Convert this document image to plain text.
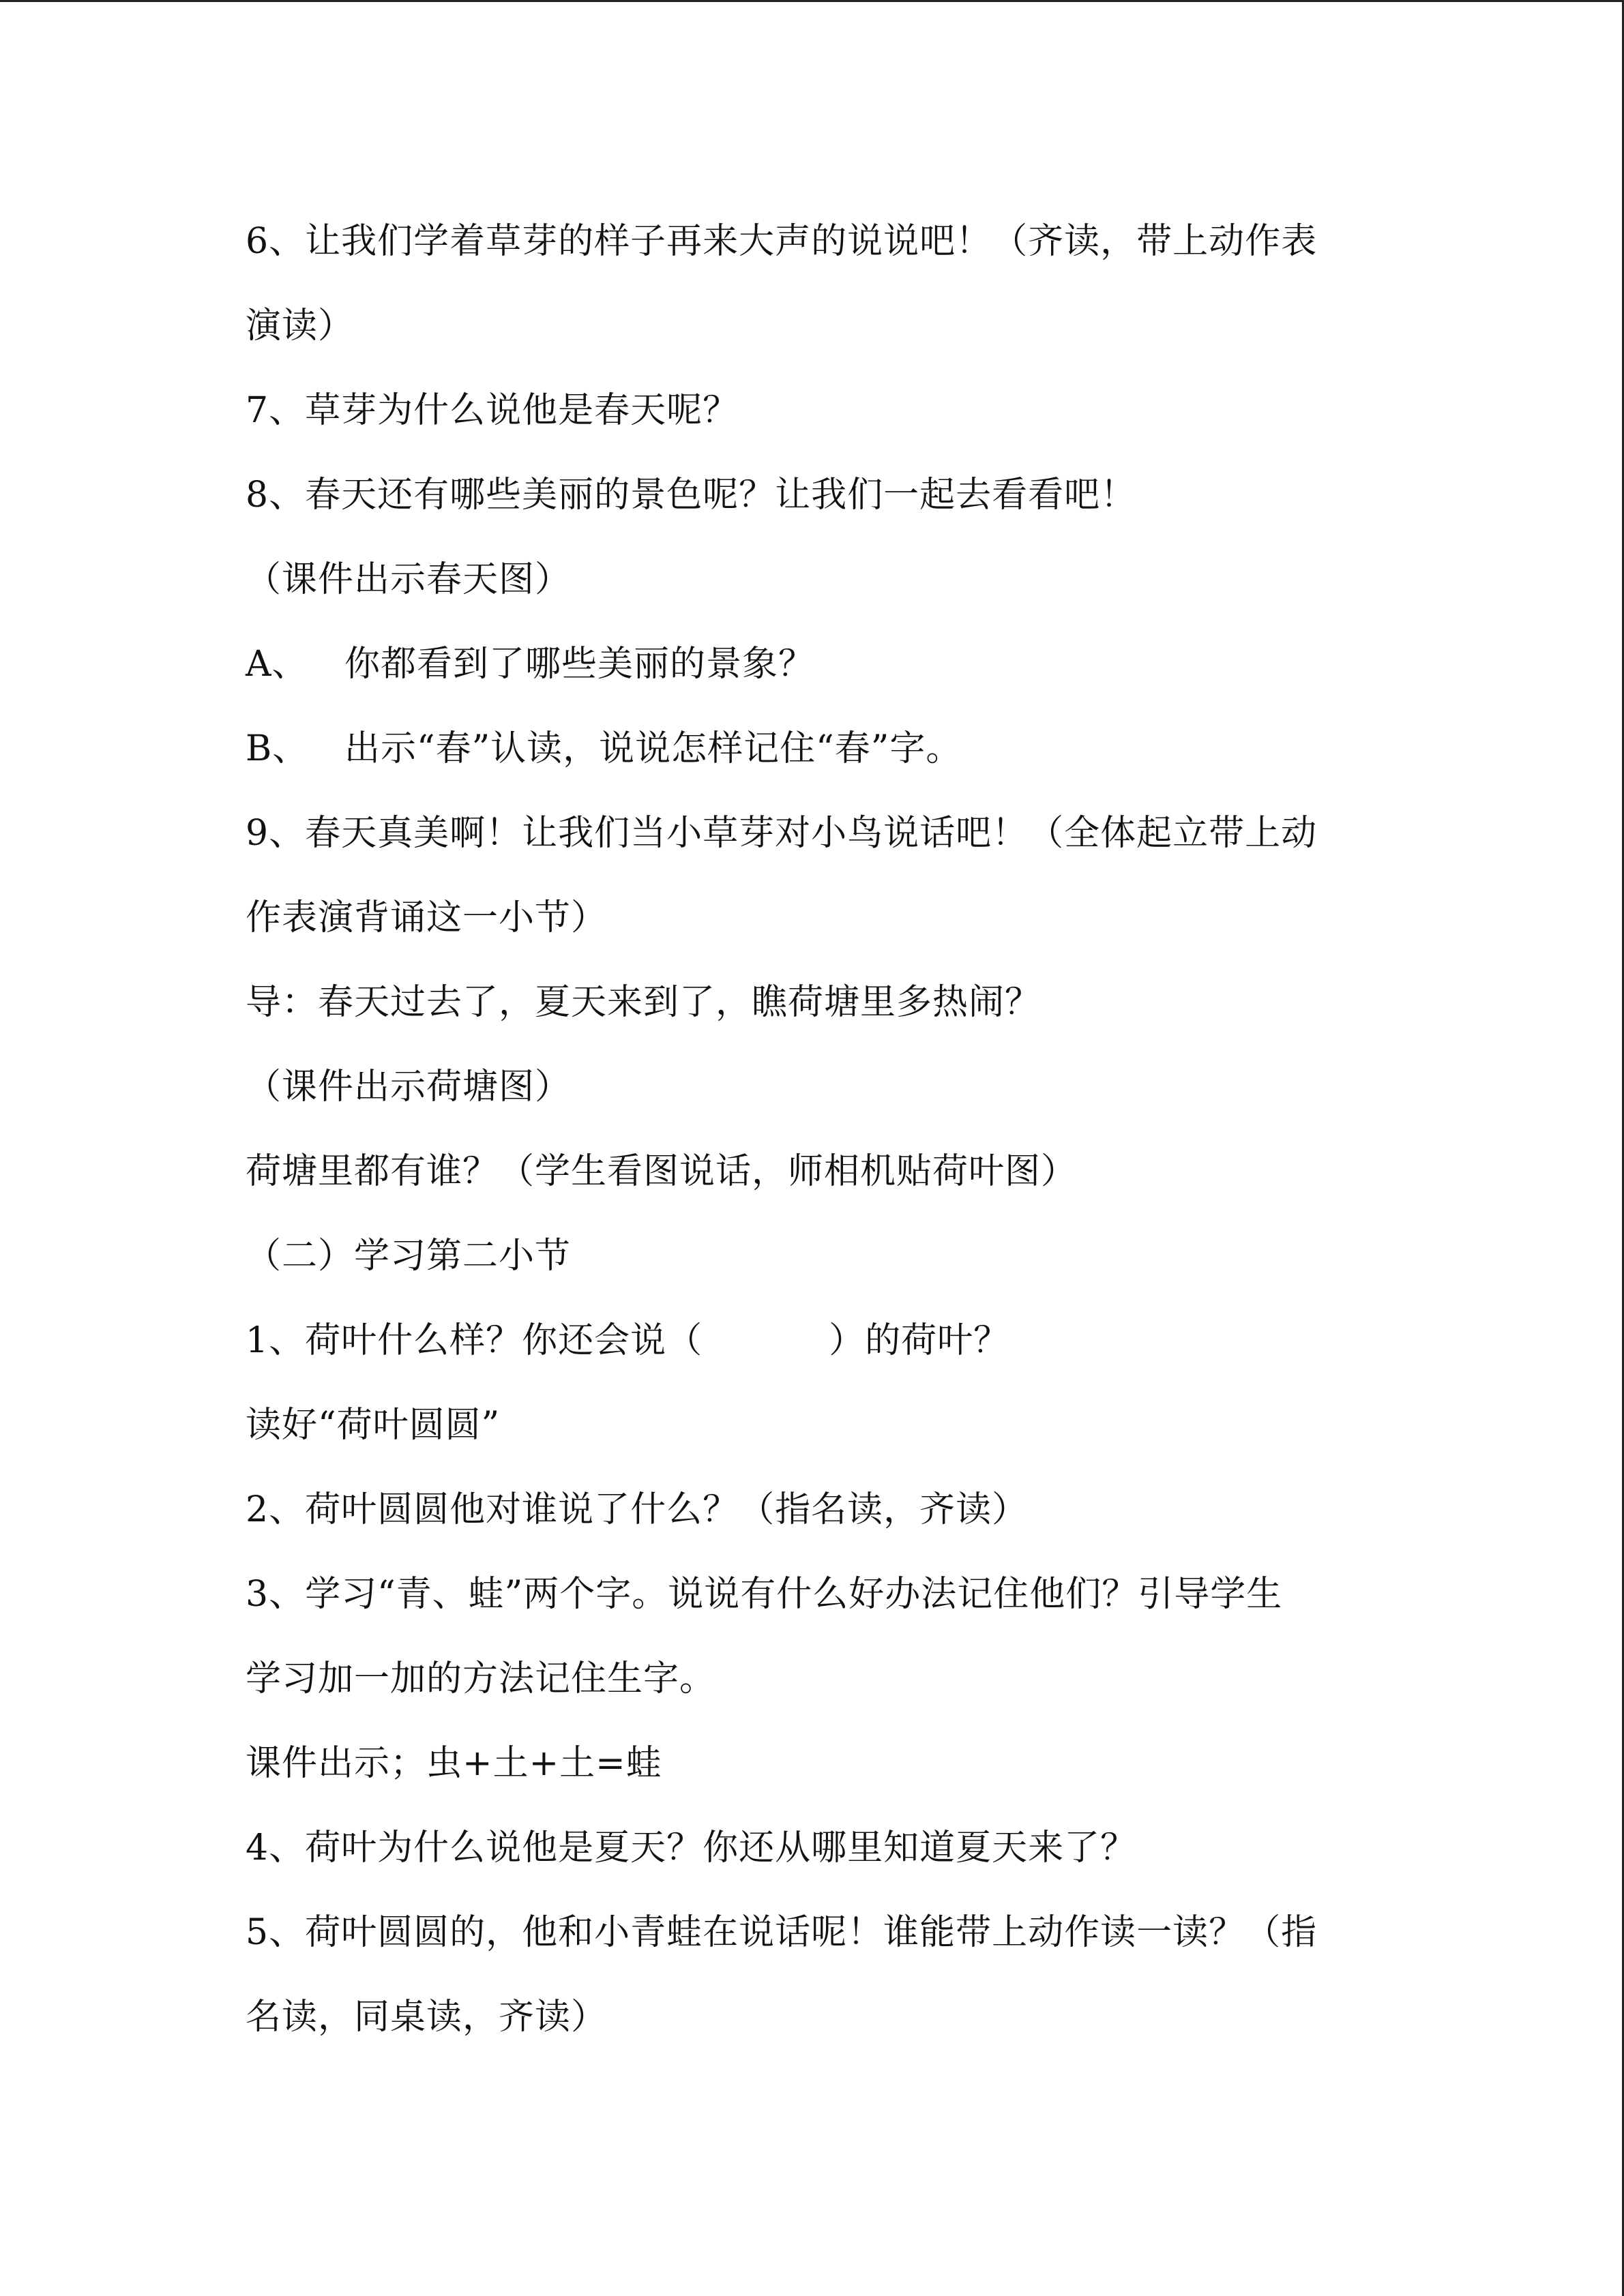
6、让我们学着草芽的样子再来大声的说说吧！（齐读，带上动作表
演读）
7、草芽为什么说他是春天呢？
8、春天还有哪些美丽的景色呢？让我们一起去看看吧！
（课件出示春天图）
A、 你都看到了哪些美丽的景象？
B、 出示“春”认读，说说怎样记住“春”字。
9、春天真美啊！让我们当小草芽对小鸟说话吧！（全体起立带上动
作表演背诵这一小节）
导：春天过去了，夏天来到了，瞧荷塘里多热闹？
（课件出示荷塘图）
荷塘里都有谁？（学生看图说话，师相机贴荷叶图）
（二）学习第二小节
1、荷叶什么样？你还会说（	）的荷叶？
读好“荷叶圆圆”
2、荷叶圆圆他对谁说了什么？（指名读，齐读）
3、学习“青、蛙”两个字。说说有什么好办法记住他们？引导学生
学习加一加的方法记住生字。
课件出示；虫+土+土=蛙
4、荷叶为什么说他是夏天？你还从哪里知道夏天来了？
5、荷叶圆圆的，他和小青蛙在说话呢！谁能带上动作读一读？（指
名读，同桌读，齐读）
